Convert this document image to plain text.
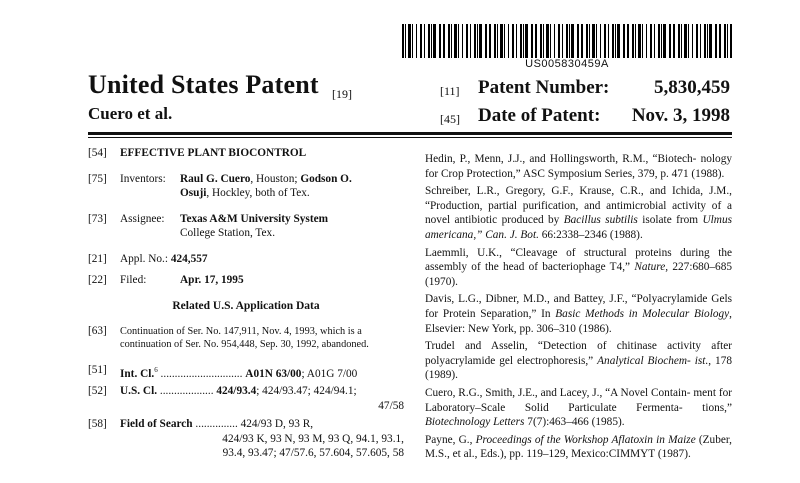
US005830459A
United States Patent [19]
Cuero et al.
[11] Patent Number: 5,830,459
[45] Date of Patent: Nov. 3, 1998
[54] EFFECTIVE PLANT BIOCONTROL
[75] Inventors:	Raul G. Cuero, Houston; Godson O.
Osuji, Hockley, both of Tex.
[73] Assignee:	Texas A&M University System
College Station, Tex.
[21] Appl. No.: 424,557
[22] Filed:	Apr. 17, 1995
Related U.S. Application Data
[63] Continuation of Ser. No. 147,911, Nov. 4, 1993, which is a continuation of Ser. No. 954,448, Sep. 30, 1992, abandoned.
[51] Int. Cl.$^6$ ............................. A01N 63/00; A01G 7/00
[52] U.S. Cl. ................... 424/93.4; 424/93.47; 424/94.1;
47/58
[58] Field of Search ............... 424/93 D, 93 R,
424/93 K, 93 N, 93 M, 93 Q, 94.1, 93.1,
93.4, 93.47; 47/57.6, 57.604, 57.605, 58

Hedin, P., Menn, J.J., and Hollingsworth, R.M., “Biotech- nology for Crop Protection,” ASC Symposium Series, 379, p. 471 (1988).

Schreiber, L.R., Gregory, G.F., Krause, C.R., and Ichida, J.M., “Production, partial purification, and antimicrobial activity of a novel antibiotic produced by Bacillus subtilis isolate from Ulmus americana,” Can. J. Bot. 66:2338–2346 (1988).

Laemmli, U.K., “Cleavage of structural proteins during the assembly of the head of bacteriophage T4,” Nature, 227:680–685 (1970).

Davis, L.G., Dibner, M.D., and Battey, J.F., “Polyacrylamide Gels for Protein Separation,” In Basic Methods in Molecular Biology, Elsevier: New York, pp. 306–310 (1986).

Trudel and Asselin, “Detection of chitinase activity after polyacrylamide gel electrophoresis,” Analytical Biochem- ist., 178 (1989).

Cuero, R.G., Smith, J.E., and Lacey, J., “A Novel Contain- ment for Laboratory–Scale Solid Particulate Fermenta- tions,” Biotechnology Letters 7(7):463–466 (1985).

Payne, G., Proceedings of the Workshop Aflatoxin in Maize (Zuber, M.S., et al., Eds.), pp. 119–129, Mexico:CIMMYT (1987).
